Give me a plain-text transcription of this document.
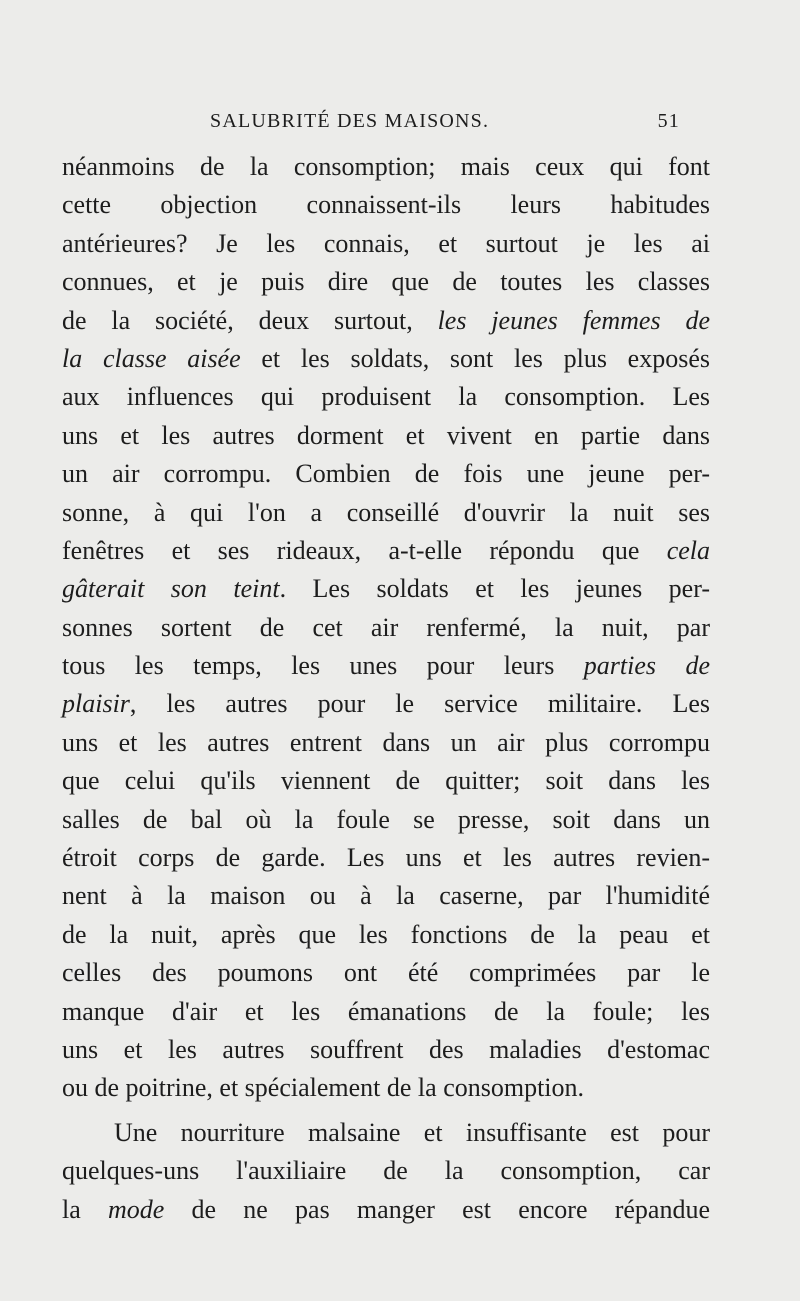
SALUBRITÉ DES MAISONS.	51
néanmoins de la consomption; mais ceux qui font
cette objection connaissent-ils leurs habitudes
antérieures? Je les connais, et surtout je les ai
connues, et je puis dire que de toutes les classes
de la société, deux surtout, les jeunes femmes de
la classe aisée et les soldats, sont les plus exposés
aux influences qui produisent la consomption. Les
uns et les autres dorment et vivent en partie dans
un air corrompu. Combien de fois une jeune per-
sonne, à qui l'on a conseillé d'ouvrir la nuit ses
fenêtres et ses rideaux, a-t-elle répondu que cela
gâterait son teint. Les soldats et les jeunes per-
sonnes sortent de cet air renfermé, la nuit, par
tous les temps, les unes pour leurs parties de
plaisir, les autres pour le service militaire. Les
uns et les autres entrent dans un air plus corrompu
que celui qu'ils viennent de quitter; soit dans les
salles de bal où la foule se presse, soit dans un
étroit corps de garde. Les uns et les autres revien-
nent à la maison ou à la caserne, par l'humidité
de la nuit, après que les fonctions de la peau et
celles des poumons ont été comprimées par le
manque d'air et les émanations de la foule; les
uns et les autres souffrent des maladies d'estomac
ou de poitrine, et spécialement de la consomption.
Une nourriture malsaine et insuffisante est pour
quelques-uns l'auxiliaire de la consomption, car
la mode de ne pas manger est encore répandue
